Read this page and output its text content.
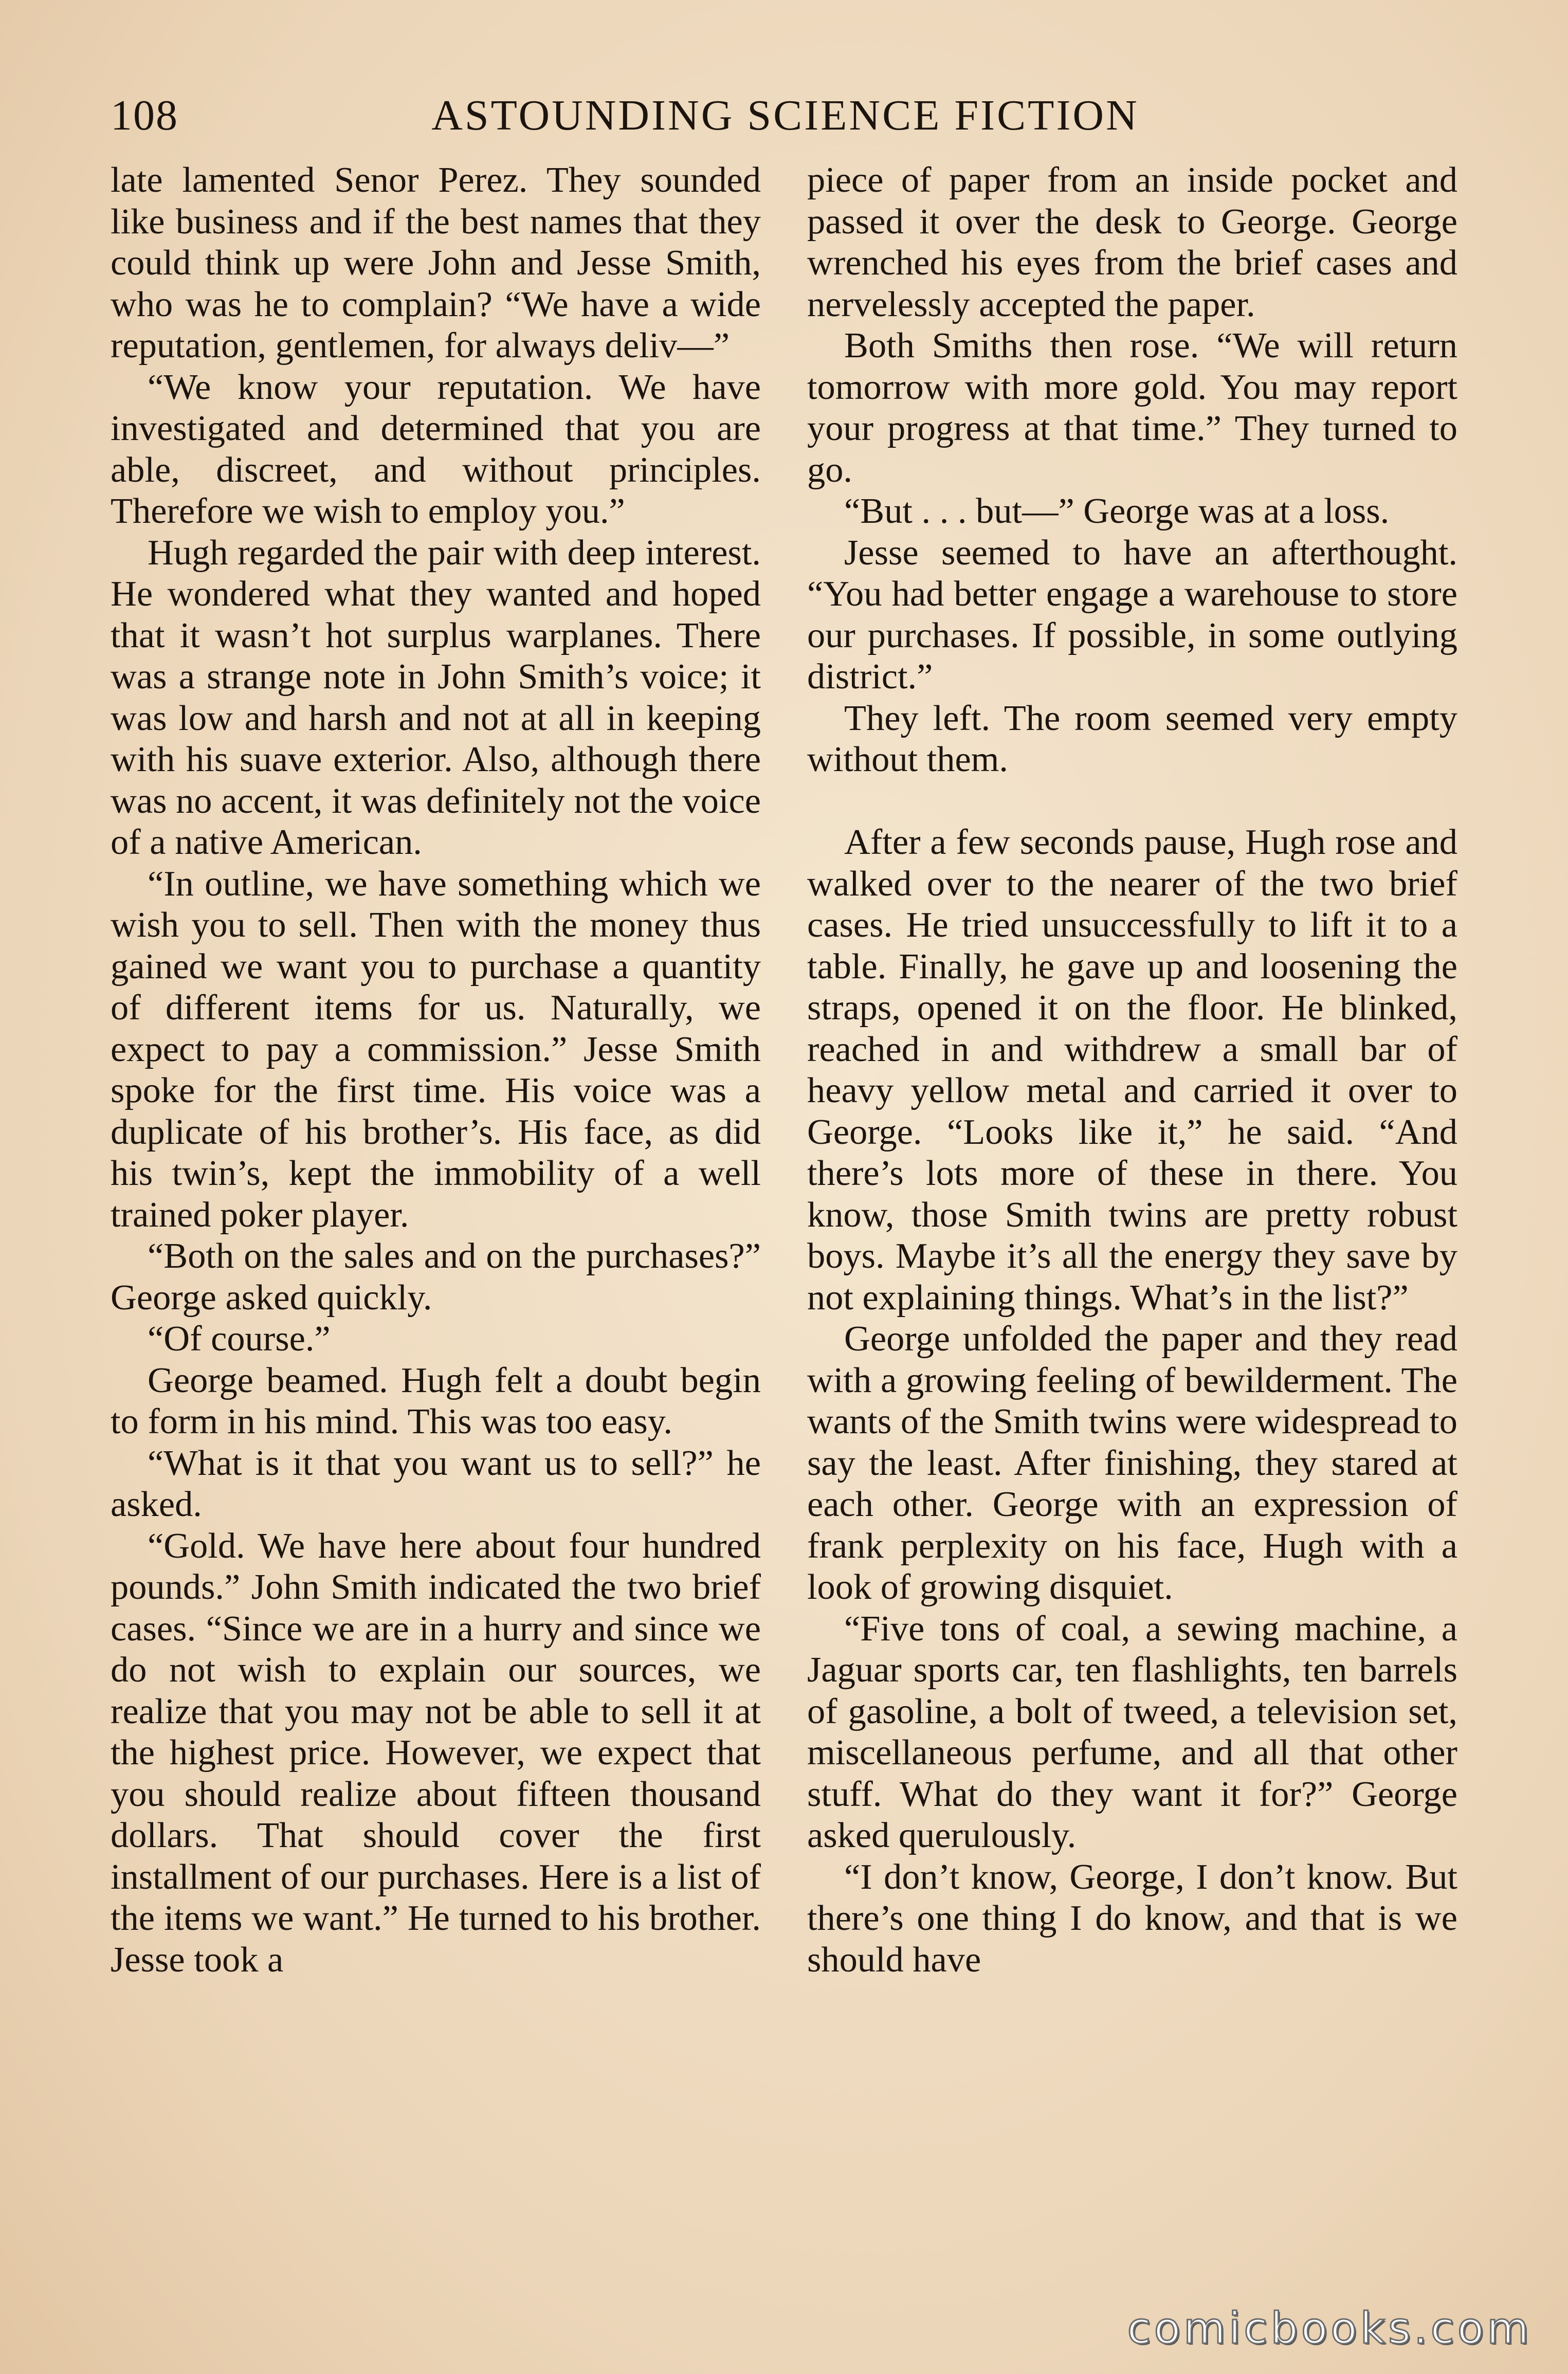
108	ASTOUNDING SCIENCE FICTION

late lamented Senor Perez. They sounded like business and if the best names that they could think up were John and Jesse Smith, who was he to complain? “We have a wide reputation, gentlemen, for always deliv—”

“We know your reputation. We have investigated and determined that you are able, discreet, and without principles. Therefore we wish to employ you.”

Hugh regarded the pair with deep interest. He wondered what they wanted and hoped that it wasn’t hot surplus warplanes. There was a strange note in John Smith’s voice; it was low and harsh and not at all in keeping with his suave exterior. Also, although there was no accent, it was definitely not the voice of a native American.

“In outline, we have something which we wish you to sell. Then with the money thus gained we want you to purchase a quantity of different items for us. Naturally, we expect to pay a commission.” Jesse Smith spoke for the first time. His voice was a duplicate of his brother’s. His face, as did his twin’s, kept the immobility of a well trained poker player.

“Both on the sales and on the purchases?” George asked quickly.

“Of course.”

George beamed. Hugh felt a doubt begin to form in his mind. This was too easy.

“What is it that you want us to sell?” he asked.

“Gold. We have here about four hundred pounds.” John Smith indicated the two brief cases. “Since we are in a hurry and since we do not wish to explain our sources, we realize that you may not be able to sell it at the highest price. However, we expect that you should realize about fifteen thousand dollars. That should cover the first installment of our purchases. Here is a list of the items we want.” He turned to his brother. Jesse took a

piece of paper from an inside pocket and passed it over the desk to George. George wrenched his eyes from the brief cases and nervelessly accepted the paper.

Both Smiths then rose. “We will return tomorrow with more gold. You may report your progress at that time.” They turned to go.

“But . . . but—” George was at a loss.

Jesse seemed to have an afterthought. “You had better engage a warehouse to store our purchases. If possible, in some outlying district.”

They left. The room seemed very empty without them.

After a few seconds pause, Hugh rose and walked over to the nearer of the two brief cases. He tried unsuccessfully to lift it to a table. Finally, he gave up and loosening the straps, opened it on the floor. He blinked, reached in and withdrew a small bar of heavy yellow metal and carried it over to George. “Looks like it,” he said. “And there’s lots more of these in there. You know, those Smith twins are pretty robust boys. Maybe it’s all the energy they save by not explaining things. What’s in the list?”

George unfolded the paper and they read with a growing feeling of bewilderment. The wants of the Smith twins were widespread to say the least. After finishing, they stared at each other. George with an expression of frank perplexity on his face, Hugh with a look of growing disquiet.

“Five tons of coal, a sewing machine, a Jaguar sports car, ten flashlights, ten barrels of gasoline, a bolt of tweed, a television set, miscellaneous perfume, and all that other stuff. What do they want it for?” George asked querulously.

“I don’t know, George, I don’t know. But there’s one thing I do know, and that is we should have

comicbooks.com
